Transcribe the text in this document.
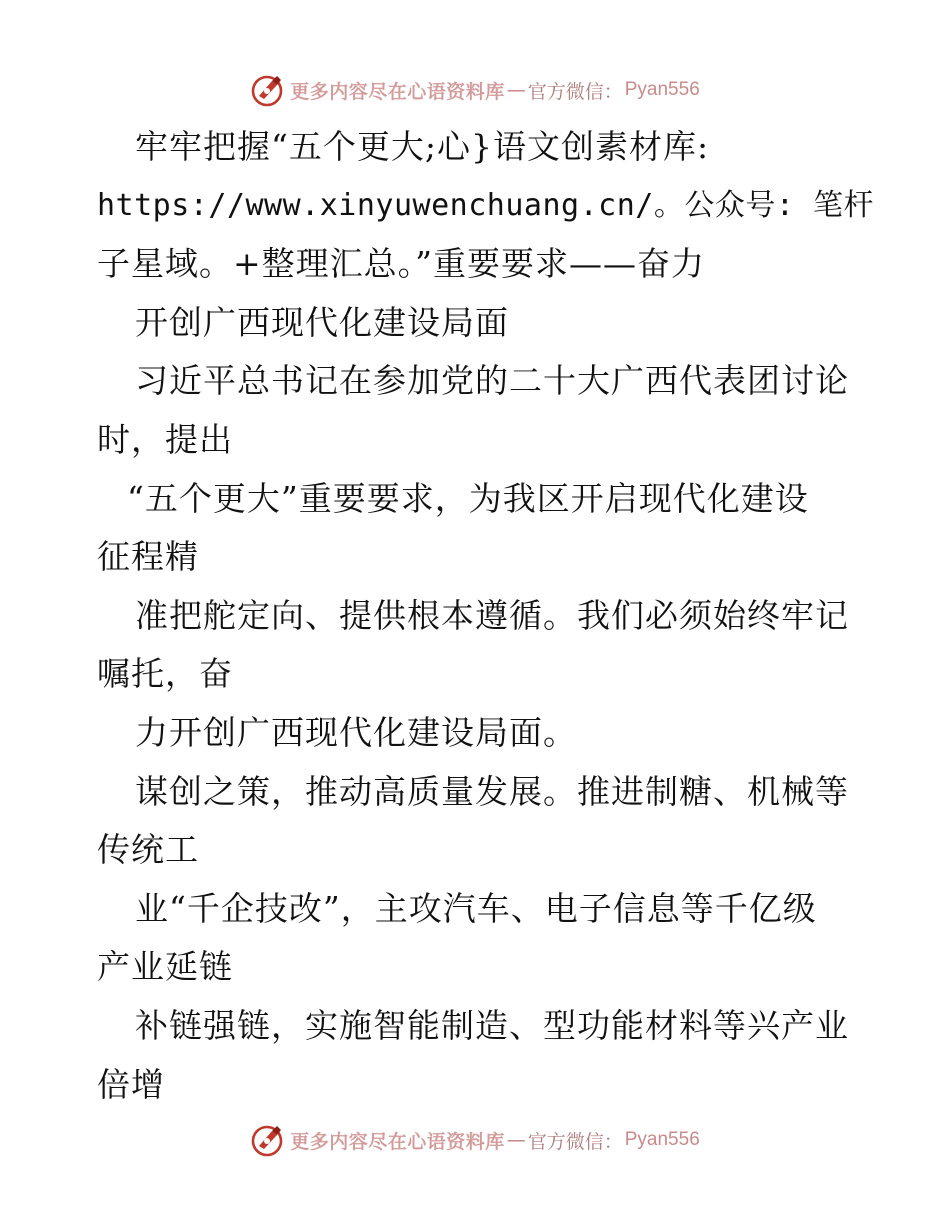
更多内容尽在心语资料库 — 官方微信： Pyan556
牢牢把握“五个更大;心}语文创素材库:
https://www.xinyuwenchuang.cn/。公众号: 笔杆
子星域。+整理汇总。”重要要求——奋力
开创广西现代化建设局面
习近平总书记在参加党的二十大广西代表团讨论
时，提出
“五个更大”重要要求，为我区开启现代化建设
征程精
准把舵定向、提供根本遵循。我们必须始终牢记
嘱托，奋
力开创广西现代化建设局面。
谋创之策，推动高质量发展。推进制糖、机械等
传统工
业“千企技改”，主攻汽车、电子信息等千亿级
产业延链
补链强链，实施智能制造、型功能材料等兴产业
倍增
更多内容尽在心语资料库 — 官方微信： Pyan556
